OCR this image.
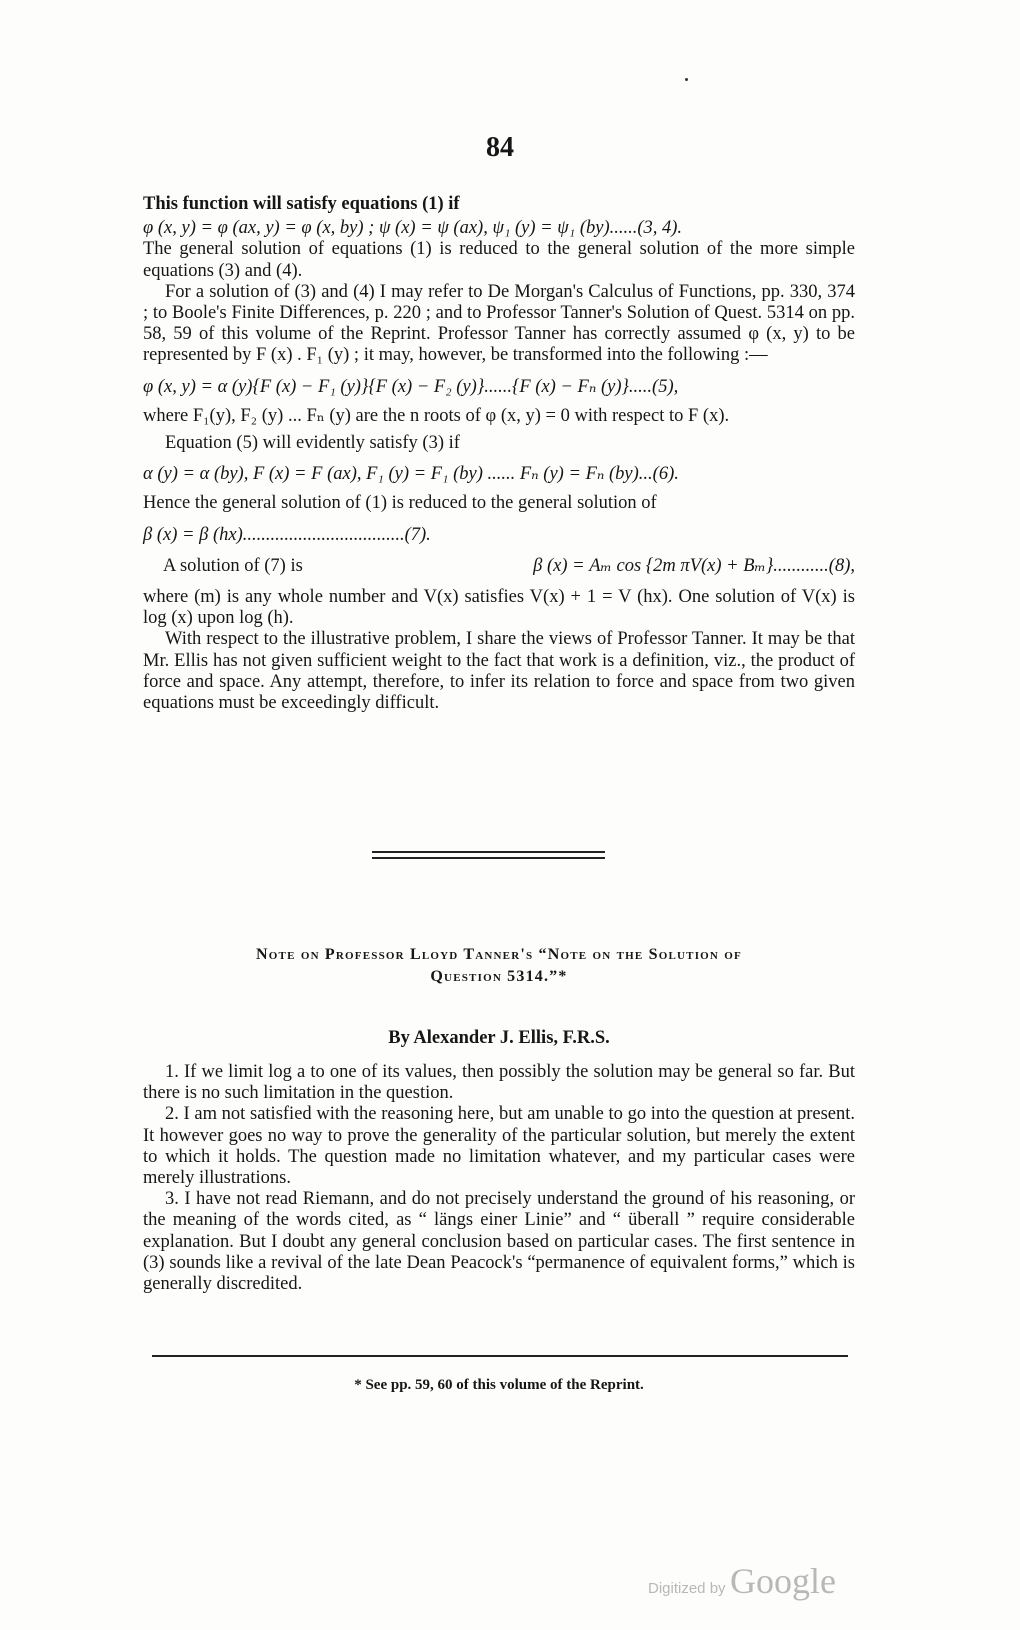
84

This function will satisfy equations (1) if

φ (x, y) = φ (ax, y) = φ (x, by) ; ψ (x) = ψ (ax), ψ₁ (y) = ψ₁ (by)......(3, 4).

The general solution of equations (1) is reduced to the general solution of the more simple equations (3) and (4).

For a solution of (3) and (4) I may refer to De Morgan's Calculus of Functions, pp. 330, 374 ; to Boole's Finite Differences, p. 220 ; and to Professor Tanner's Solution of Quest. 5314 on pp. 58, 59 of this volume of the Reprint. Professor Tanner has correctly assumed φ (x, y) to be represented by F (x) . F₁ (y) ; it may, however, be transformed into the following :—

φ (x, y) = α (y){F (x) − F₁ (y)}{F (x) − F₂ (y)}......{F (x) − Fₙ (y)}.....(5),

where F₁(y), F₂ (y) ... Fₙ (y) are the n roots of φ (x, y) = 0 with respect to F (x).

Equation (5) will evidently satisfy (3) if

α (y) = α (by), F (x) = F (ax), F₁ (y) = F₁ (by) ...... Fₙ (y) = Fₙ (by)...(6).

Hence the general solution of (1) is reduced to the general solution of

β (x) = β (hx)...................................(7).

A solution of (7) is	β (x) = Aₘ cos {2m πV(x) + Bₘ}............(8),

where (m) is any whole number and V(x) satisfies V(x) + 1 = V (hx). One solution of V(x) is log (x) upon log (h).

With respect to the illustrative problem, I share the views of Professor Tanner. It may be that Mr. Ellis has not given sufficient weight to the fact that work is a definition, viz., the product of force and space. Any attempt, therefore, to infer its relation to force and space from two given equations must be exceedingly difficult.

Note on Professor Lloyd Tanner's “Note on the Solution of
Question 5314.”*
By Alexander J. Ellis, F.R.S.

1. If we limit log a to one of its values, then possibly the solution may be general so far. But there is no such limitation in the question.

2. I am not satisfied with the reasoning here, but am unable to go into the question at present. It however goes no way to prove the generality of the particular solution, but merely the extent to which it holds. The question made no limitation whatever, and my particular cases were merely illustrations.

3. I have not read Riemann, and do not precisely understand the ground of his reasoning, or the meaning of the words cited, as “ längs einer Linie” and “ überall ” require considerable explanation. But I doubt any general conclusion based on particular cases. The first sentence in (3) sounds like a revival of the late Dean Peacock's “permanence of equivalent forms,” which is generally discredited.

* See pp. 59, 60 of this volume of the Reprint.
Digitized by Google
